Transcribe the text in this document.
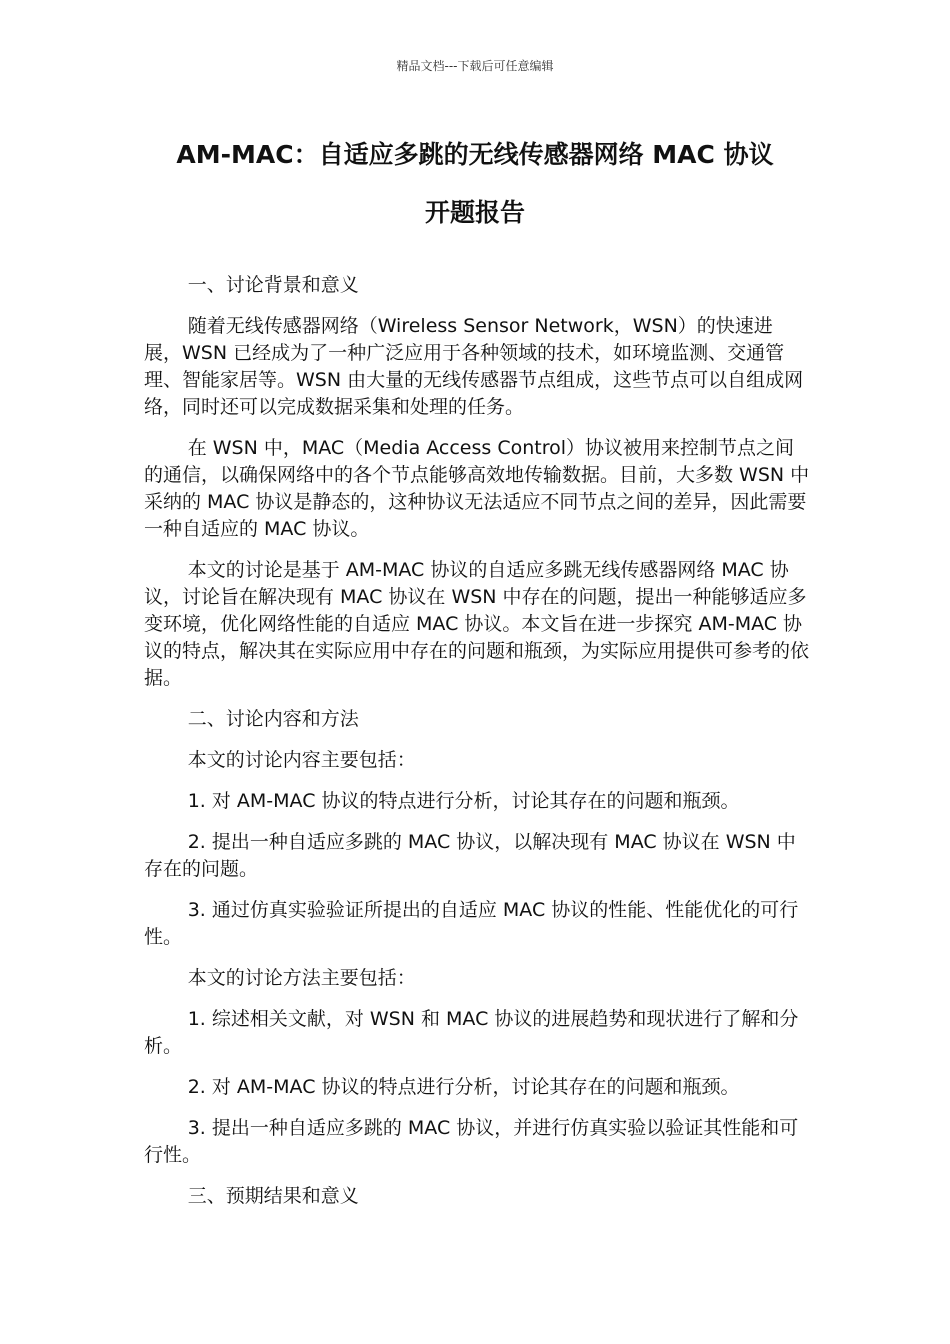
精品文档---下载后可任意编辑
AM-MAC：自适应多跳的无线传感器网络 MAC 协议
开题报告

一、讨论背景和意义

随着无线传感器网络（Wireless Sensor Network，WSN）的快速进展，WSN 已经成为了一种广泛应用于各种领域的技术，如环境监测、交通管理、智能家居等。WSN 由大量的无线传感器节点组成，这些节点可以自组成网络，同时还可以完成数据采集和处理的任务。

在 WSN 中，MAC（Media Access Control）协议被用来控制节点之间的通信，以确保网络中的各个节点能够高效地传输数据。目前，大多数 WSN 中采纳的 MAC 协议是静态的，这种协议无法适应不同节点之间的差异，因此需要一种自适应的 MAC 协议。

本文的讨论是基于 AM-MAC 协议的自适应多跳无线传感器网络 MAC 协议，讨论旨在解决现有 MAC 协议在 WSN 中存在的问题，提出一种能够适应多变环境，优化网络性能的自适应 MAC 协议。本文旨在进一步探究 AM-MAC 协议的特点，解决其在实际应用中存在的问题和瓶颈，为实际应用提供可参考的依据。

二、讨论内容和方法

本文的讨论内容主要包括：

1. 对 AM-MAC 协议的特点进行分析，讨论其存在的问题和瓶颈。

2. 提出一种自适应多跳的 MAC 协议，以解决现有 MAC 协议在 WSN 中存在的问题。

3. 通过仿真实验验证所提出的自适应 MAC 协议的性能、性能优化的可行性。

本文的讨论方法主要包括：

1. 综述相关文献，对 WSN 和 MAC 协议的进展趋势和现状进行了解和分析。

2. 对 AM-MAC 协议的特点进行分析，讨论其存在的问题和瓶颈。

3. 提出一种自适应多跳的 MAC 协议，并进行仿真实验以验证其性能和可行性。

三、预期结果和意义
